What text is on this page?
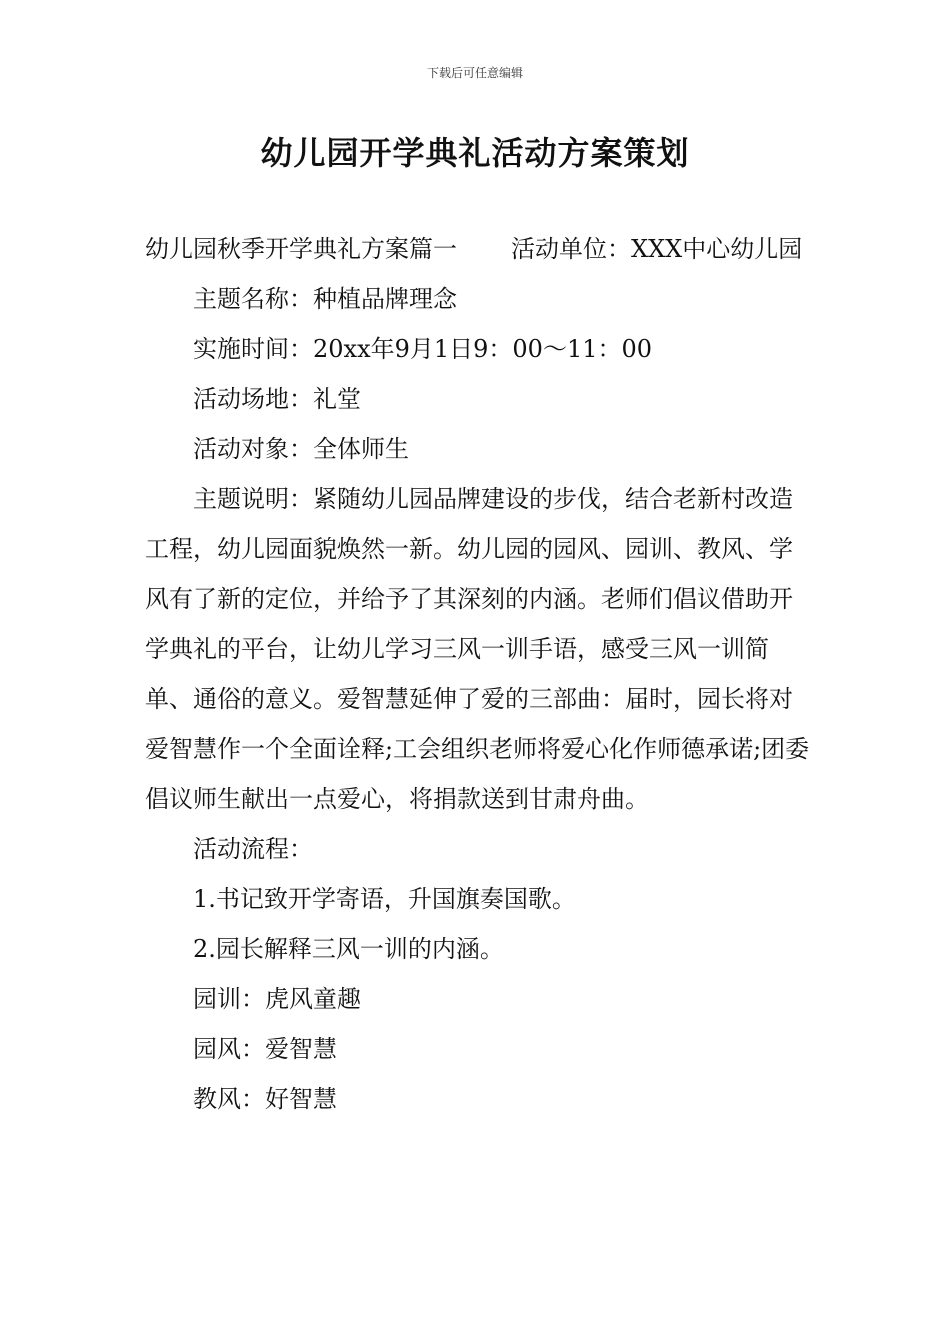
下载后可任意编辑
幼儿园开学典礼活动方案策划

幼儿园秋季开学典礼方案篇一 活动单位：XXX中心幼儿园

主题名称：种植品牌理念

实施时间：20xx年9月1日9：00～11：00

活动场地：礼堂

活动对象：全体师生

主题说明：紧随幼儿园品牌建设的步伐，结合老新村改造工程，幼儿园面貌焕然一新。幼儿园的园风、园训、教风、学风有了新的定位，并给予了其深刻的内涵。老师们倡议借助开学典礼的平台，让幼儿学习三风一训手语，感受三风一训简单、通俗的意义。爱智慧延伸了爱的三部曲：届时，园长将对爱智慧作一个全面诠释;工会组织老师将爱心化作师德承诺;团委倡议师生献出一点爱心，将捐款送到甘肃舟曲。

活动流程：

1.书记致开学寄语，升国旗奏国歌。

2.园长解释三风一训的内涵。

园训：虎风童趣

园风：爱智慧

教风：好智慧
